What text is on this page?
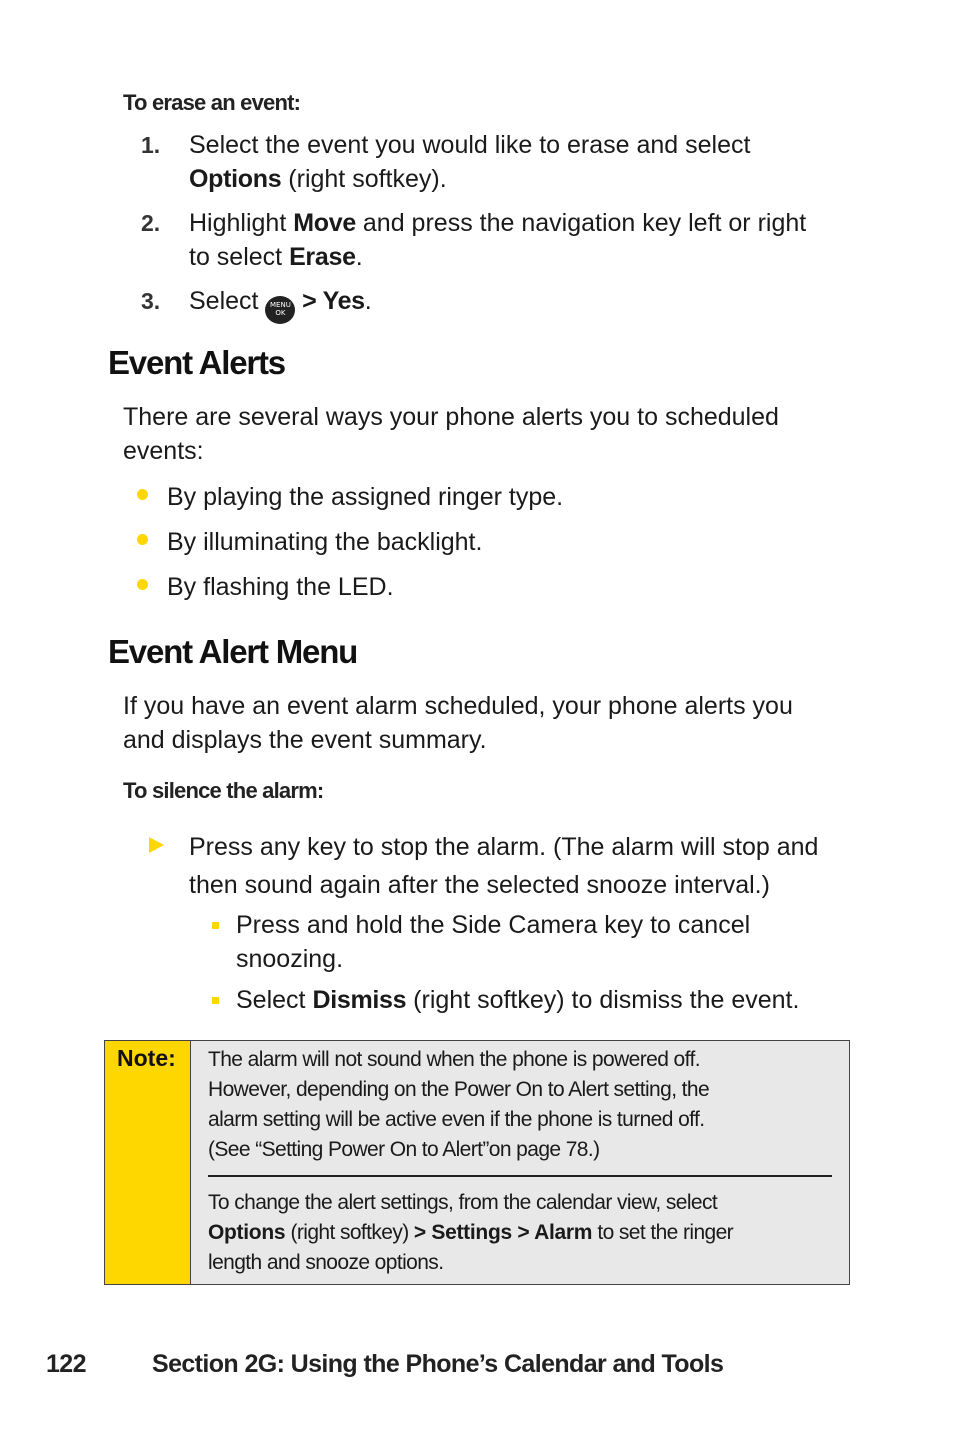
To erase an event:
1. Select the event you would like to erase and select
Options (right softkey).
2. Highlight Move and press the navigation key left or right
to select Erase.
3. Select MENU
OK > Yes.
Event Alerts
There are several ways your phone alerts you to scheduled
events:
By playing the assigned ringer type.
By illuminating the backlight.
By flashing the LED.
Event Alert Menu
If you have an event alarm scheduled, your phone alerts you
and displays the event summary.
To silence the alarm:
Press any key to stop the alarm. (The alarm will stop and
then sound again after the selected snooze interval.)
Press and hold the Side Camera key to cancel
snoozing.
Select Dismiss (right softkey) to dismiss the event.
Note: The alarm will not sound when the phone is powered off.
However, depending on the Power On to Alert setting, the
alarm setting will be active even if the phone is turned off.
(See “Setting Power On to Alert”on page 78.)
To change the alert settings, from the calendar view, select
Options (right softkey) > Settings > Alarm to set the ringer
length and snooze options.
122	Section 2G: Using the Phone’s Calendar and Tools
